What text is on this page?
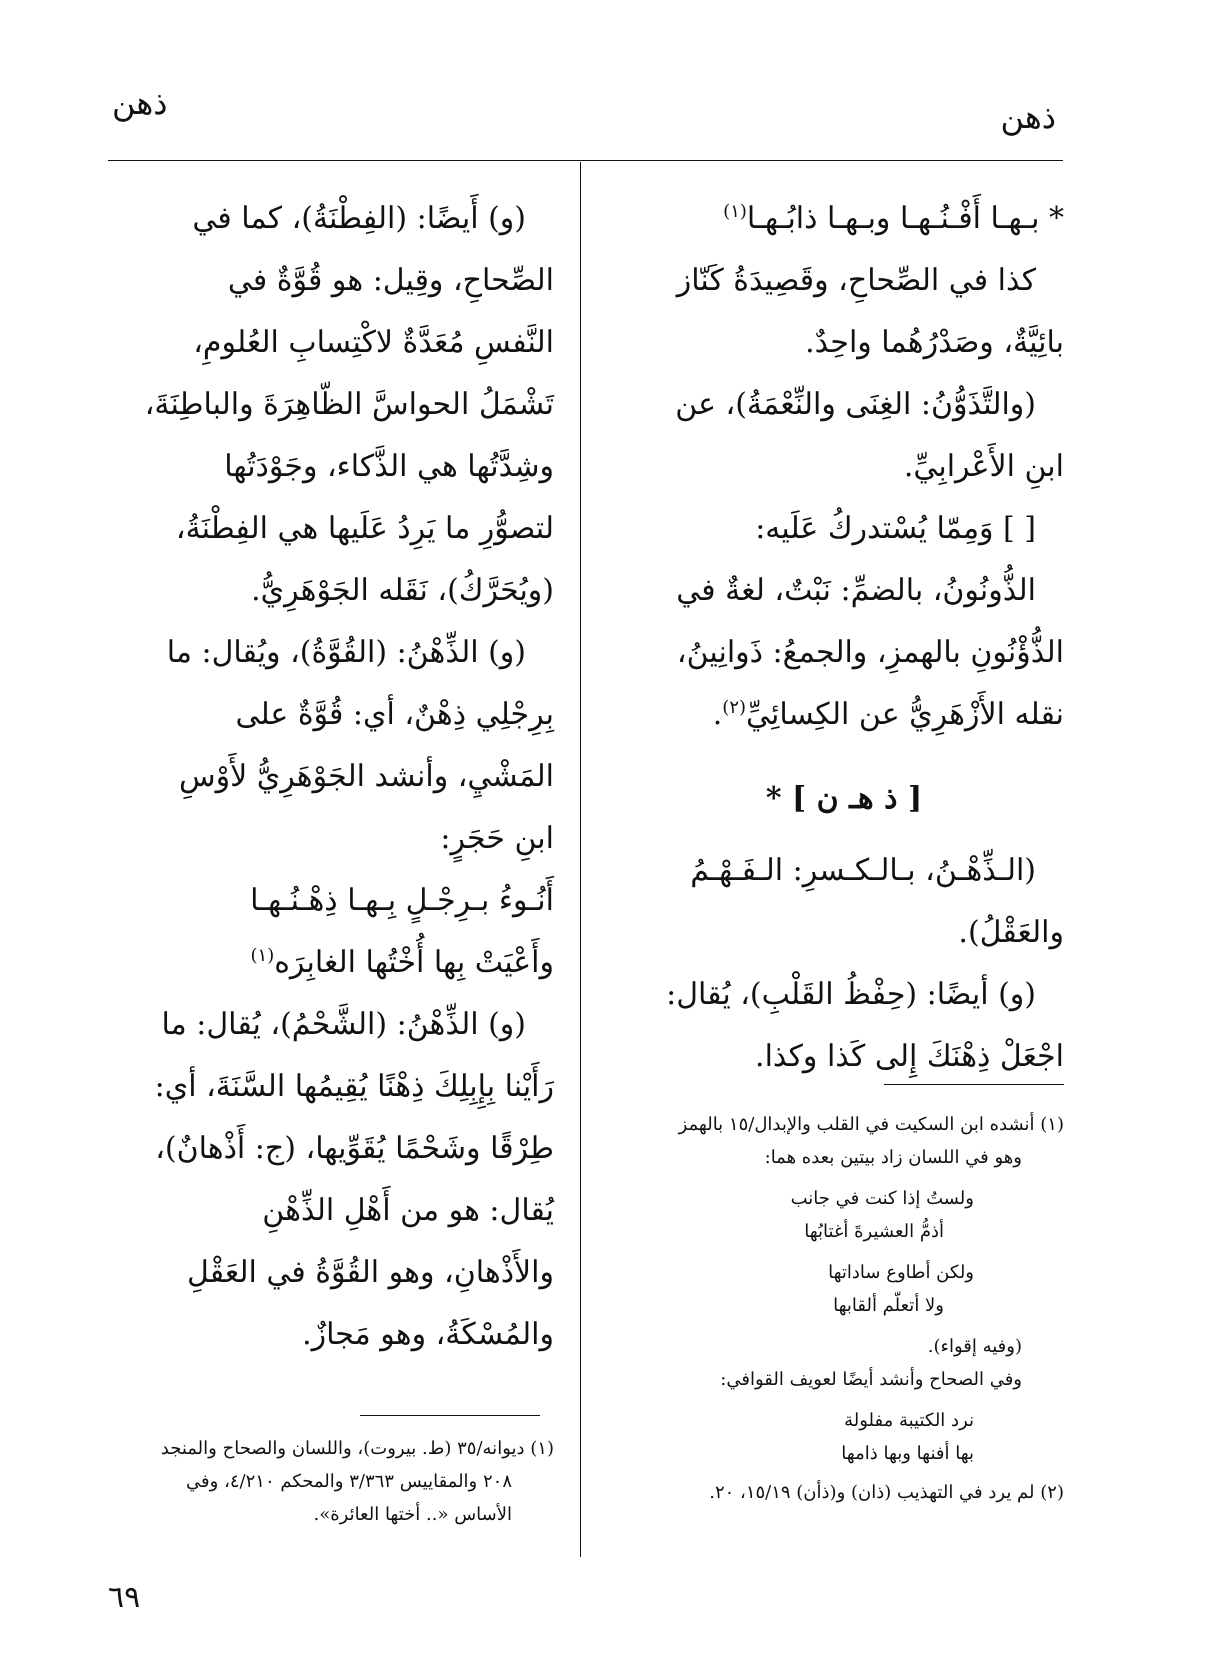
ذهن
ذهن

* بـهـا أَفْـنُـهـا وبـهـا ذابُـهـا$^{(١)}$

كذا في الصِّحاحِ، وقَصِيدَةُ كَنّاز

بائِيَّةٌ، وصَدْرُهُما واحِدٌ.

(والتَّذَوُّنُ: الغِنَى والنِّعْمَةُ)، عن

ابنِ الأَعْرابِيِّ.

[ ] وَمِمّا يُسْتدركُ عَلَيه:

الذُّونُونُ، بالضمِّ: نَبْتٌ، لغةٌ في

الذُّؤْنُونِ بالهمزِ، والجمعُ: ذَوانِينُ،

نقله الأَزْهَرِيُّ عن الكِسائِيِّ$^{(٢)}$.

[ ذ هـ ن ] *

(الـذِّهْـنُ، بـالـكـسرِ: الـفَـهْـمُ

والعَقْلُ).

(و) أيضًا: (حِفْظُ القَلْبِ)، يُقال:

اجْعَلْ ذِهْنَكَ إِلى كَذا وكذا.

(و) أَيضًا: (الفِطْنَةُ)، كما في

الصِّحاحِ، وقِيل: هو قُوَّةٌ في

النَّفسِ مُعَدَّةٌ لاكْتِسابِ العُلومِ،

تَشْمَلُ الحواسَّ الظّاهِرَةَ والباطِنَةَ،

وشِدَّتُها هي الذَّكاء، وجَوْدَتُها

لتصوُّرِ ما يَرِدُ عَلَيها هي الفِطْنَةُ،

(ويُحَرَّكُ)، نَقَله الجَوْهَرِيُّ.

(و) الذِّهْنُ: (القُوَّةُ)، ويُقال: ما

بِرِجْلِي ذِهْنٌ، أي: قُوَّةٌ على

المَشْيِ، وأنشد الجَوْهَرِيُّ لأَوْسِ

ابنِ حَجَرٍ:

أَنُـوءُ بـرِجْـلٍ بِـهـا ذِهْـنُـهـا

وأَعْيَتْ بِها أُخْتُها الغابِرَه$^{(١)}$

(و) الذِّهْنُ: (الشَّحْمُ)، يُقال: ما

رَأَيْنا بِإِبِلِكَ ذِهْنًا يُقِيمُها السَّنَةَ، أي:

طِرْقًا وشَحْمًا يُقَوِّيها، (ج: أَذْهانٌ)،

يُقال: هو من أَهْلِ الذِّهْنِ

والأَذْهانِ، وهو القُوَّةُ في العَقْلِ

والمُسْكَةُ، وهو مَجازٌ.

(١) أنشده ابن السكيت في القلب والإبدال/١٥ بالهمز

وهو في اللسان زاد بيتين بعده هما:

ولستُ إذا كنت في جانب

أذمُّ العشيرةَ أغتابُها

ولكن أطاوع ساداتها

ولا أتعلّم ألقابها

(وفيه إقواء).

وفي الصحاح وأنشد أيضًا لعويف القوافي:

نرد الكتيبة مفلولة

بها أفنها وبها ذامها

(٢) لم يرد في التهذيب (ذان) و(ذأن) ١٥/١٩، ٢٠.

(١) ديوانه/٣٥ (ط. بيروت)، واللسان والصحاح والمنجد

٢٠٨ والمقاييس ٣/٣٦٣ والمحكم ٤/٢١٠، وفي

الأساس «.. أختها العائرة».

٦٩
